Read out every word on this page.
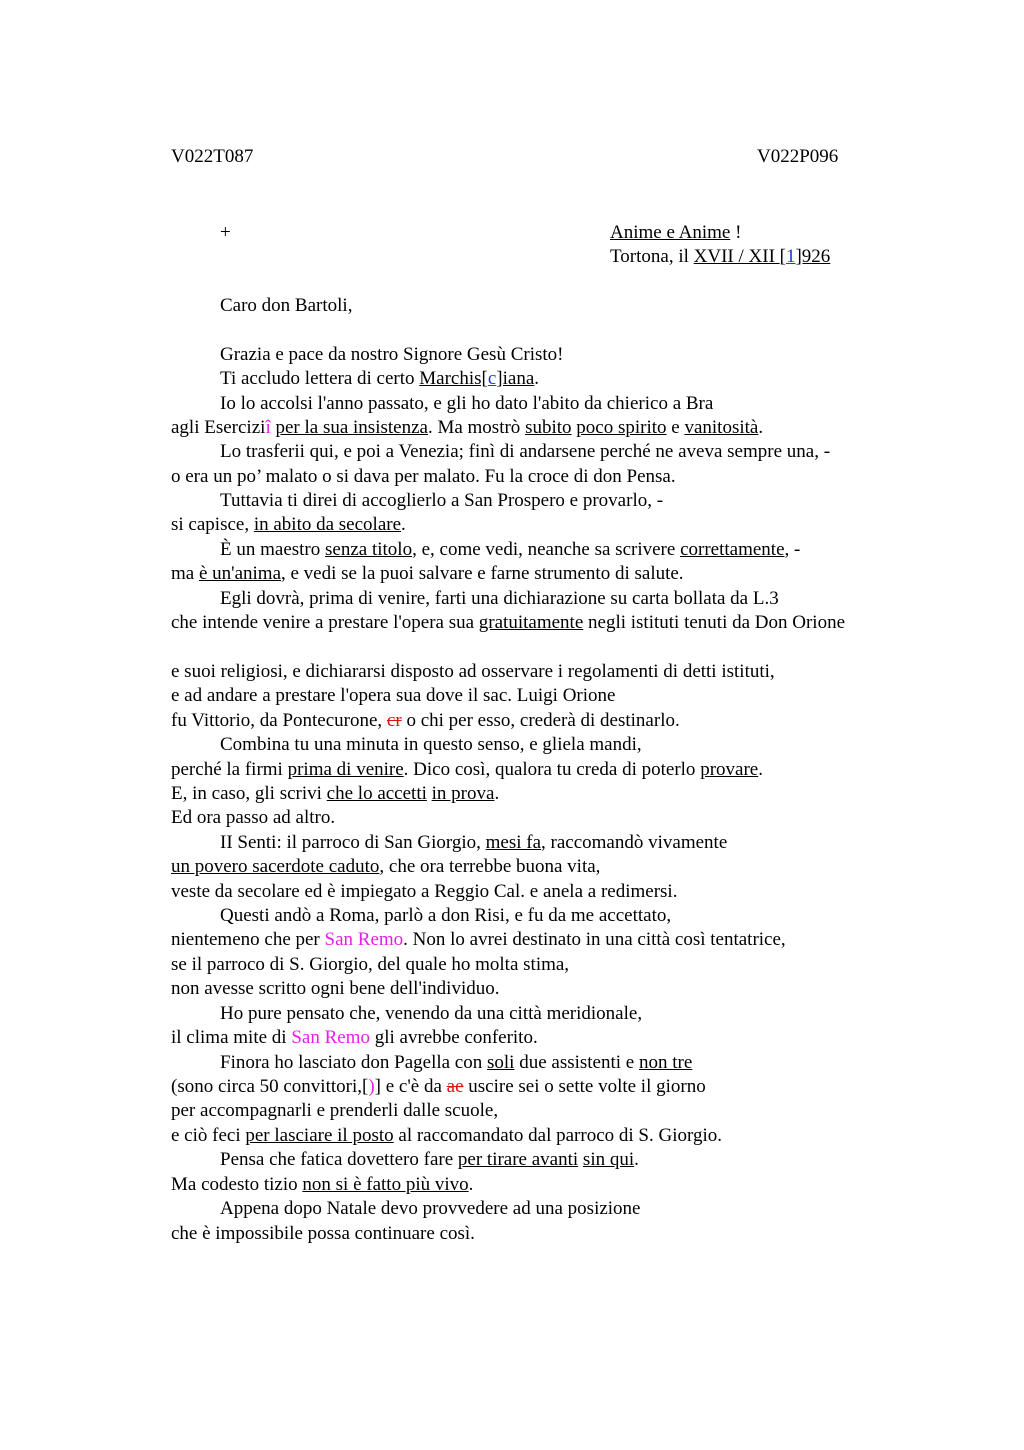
V022T087	V022P096
+	Anime e Anime !
Tortona, il XVII / XII [1]926
Caro don Bartoli,
Grazia e pace da nostro Signore Gesù Cristo!
Ti accludo lettera di certo Marchis[c]iana.
Io lo accolsi l'anno passato, e gli ho dato l'abito da chierico a Bra
agli Eserciziî per la sua insistenza. Ma mostrò subito poco spirito e vanitosità.
Lo trasferii qui, e poi a Venezia; finì di andarsene perché ne aveva sempre una, -
o era un po’ malato o si dava per malato. Fu la croce di don Pensa.
Tuttavia ti direi di accoglierlo a San Prospero e provarlo, -
si capisce, in abito da secolare.
È un maestro senza titolo, e, come vedi, neanche sa scrivere correttamente, -
ma è un'anima, e vedi se la puoi salvare e farne strumento di salute.
Egli dovrà, prima di venire, farti una dichiarazione su carta bollata da L.3
che intende venire a prestare l'opera sua gratuitamente negli istituti tenuti da Don Orione
e suoi religiosi, e dichiararsi disposto ad osservare i regolamenti di detti istituti,
e ad andare a prestare l'opera sua dove il sac. Luigi Orione
fu Vittorio, da Pontecurone, cr o chi per esso, crederà di destinarlo.
Combina tu una minuta in questo senso, e gliela mandi,
perché la firmi prima di venire. Dico così, qualora tu creda di poterlo provare.
E, in caso, gli scrivi che lo accetti in prova.
Ed ora passo ad altro.
II Senti: il parroco di San Giorgio, mesi fa, raccomandò vivamente
un povero sacerdote caduto, che ora terrebbe buona vita,
veste da secolare ed è impiegato a Reggio Cal. e anela a redimersi.
Questi andò a Roma, parlò a don Risi, e fu da me accettato,
nientemeno che per San Remo. Non lo avrei destinato in una città così tentatrice,
se il parroco di S. Giorgio, del quale ho molta stima,
non avesse scritto ogni bene dell'individuo.
Ho pure pensato che, venendo da una città meridionale,
il clima mite di San Remo gli avrebbe conferito.
Finora ho lasciato don Pagella con soli due assistenti e non tre
(sono circa 50 convittori,[)] e c'è da ae uscire sei o sette volte il giorno
per accompagnarli e prenderli dalle scuole,
e ciò feci per lasciare il posto al raccomandato dal parroco di S. Giorgio.
Pensa che fatica dovettero fare per tirare avanti sin qui.
Ma codesto tizio non si è fatto più vivo.
Appena dopo Natale devo provvedere ad una posizione
che è impossibile possa continuare così.
